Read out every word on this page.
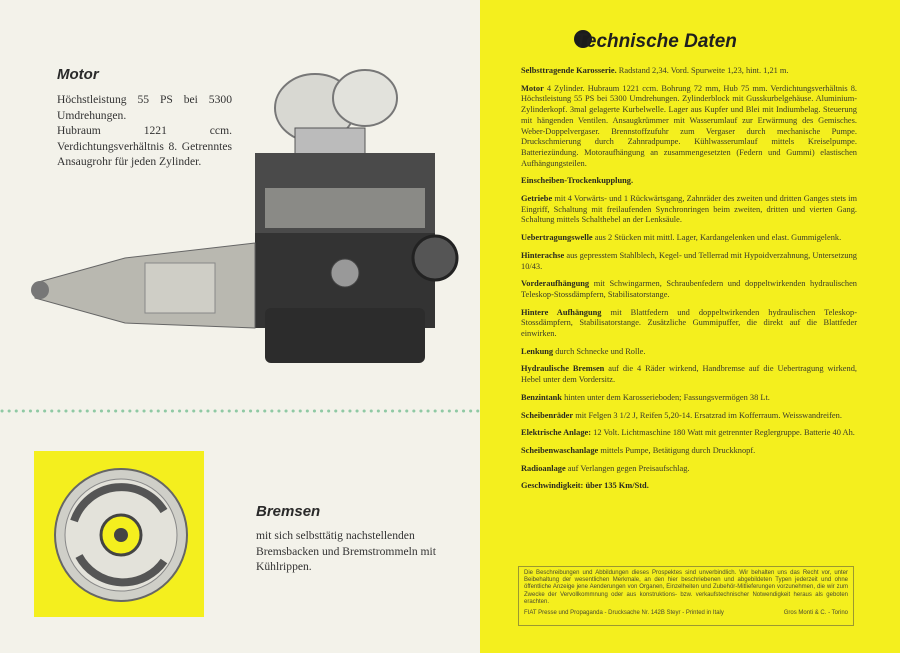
Motor

Höchstleistung 55 PS bei 5300 Umdrehungen.

Hubraum 1221 ccm. Verdichtungsverhältnis 8. Getrenntes Ansaugrohr für jeden Zylinder.

Bremsen

mit sich selbsttätig nachstellenden Bremsbacken und Bremstrommeln mit Kühlrippen.

Technische Daten

Selbsttragende Karosserie. Radstand 2,34. Vord. Spurweite 1,23, hint. 1,21 m.

Motor 4 Zylinder. Hubraum 1221 ccm. Bohrung 72 mm, Hub 75 mm. Verdichtungsverhältnis 8. Höchstleistung 55 PS bei 5300 Umdrehungen. Zylinderblock mit Gusskurbelgehäuse. Aluminium-Zylinderkopf. 3mal gelagerte Kurbelwelle. Lager aus Kupfer und Blei mit Indiumbelag. Steuerung mit hängenden Ventilen. Ansaugkrümmer mit Wasserumlauf zur Erwärmung des Gemisches. Weber-Doppelvergaser. Brennstoffzufuhr zum Vergaser durch mechanische Pumpe. Druckschmierung durch Zahnradpumpe. Kühlwasserumlauf mittels Kreiselpumpe. Batteriezündung. Motoraufhängung an zusammengesetzten (Federn und Gummi) elastischen Aufhängungsteilen.

Einscheiben-Trockenkupplung.

Getriebe mit 4 Vorwärts- und 1 Rückwärtsgang, Zahnräder des zweiten und dritten Ganges stets im Eingriff, Schaltung mit freilaufenden Synchronringen beim zweiten, dritten und vierten Gang. Schaltung mittels Schalthebel an der Lenksäule.

Uebertragungswelle aus 2 Stücken mit mittl. Lager, Kardangelenken und elast. Gummigelenk.

Hinterachse aus gepresstem Stahlblech, Kegel- und Tellerrad mit Hypoidverzahnung, Untersetzung 10/43.

Vorderaufhängung mit Schwingarmen, Schraubenfedern und doppeltwirkenden hydraulischen Teleskop-Stossdämpfern, Stabilisatorstange.

Hintere Aufhängung mit Blattfedern und doppeltwirkenden hydraulischen Teleskop-Stossdämpfern, Stabilisatorstange. Zusätzliche Gummipuffer, die direkt auf die Blattfeder einwirken.

Lenkung durch Schnecke und Rolle.

Hydraulische Bremsen auf die 4 Räder wirkend, Handbremse auf die Uebertragung wirkend, Hebel unter dem Vordersitz.

Benzintank hinten unter dem Karosserieboden; Fassungsvermögen 38 Lt.

Scheibenräder mit Felgen 3 1/2 J, Reifen 5,20-14. Ersatzrad im Kofferraum. Weisswandreifen.

Elektrische Anlage: 12 Volt. Lichtmaschine 180 Watt mit getrennter Reglergruppe. Batterie 40 Ah.

Scheibenwaschanlage mittels Pumpe, Betätigung durch Druckknopf.

Radioanlage auf Verlangen gegen Preisaufschlag.

Geschwindigkeit: über 135 Km/Std.

Die Beschreibungen und Abbildungen dieses Prospektes sind unverbindlich. Wir behalten uns das Recht vor, unter Beibehaltung der wesentlichen Merkmale, an den hier beschriebenen und abgebildeten Typen jederzeit und ohne öffentliche Anzeige jene Aenderungen von Organen, Einzelheiten und Zubehör-Mitlieferungen vorzunehmen, die wir zum Zwecke der Vervollkommnung oder aus konstruktions- bzw. verkaufstechnischer Notwendigkeit heraus als geboten erachten.
FIAT Presse und Propaganda - Drucksache Nr. 142B Steyr - Printed in Italy	Gros Monti & C. - Torino
